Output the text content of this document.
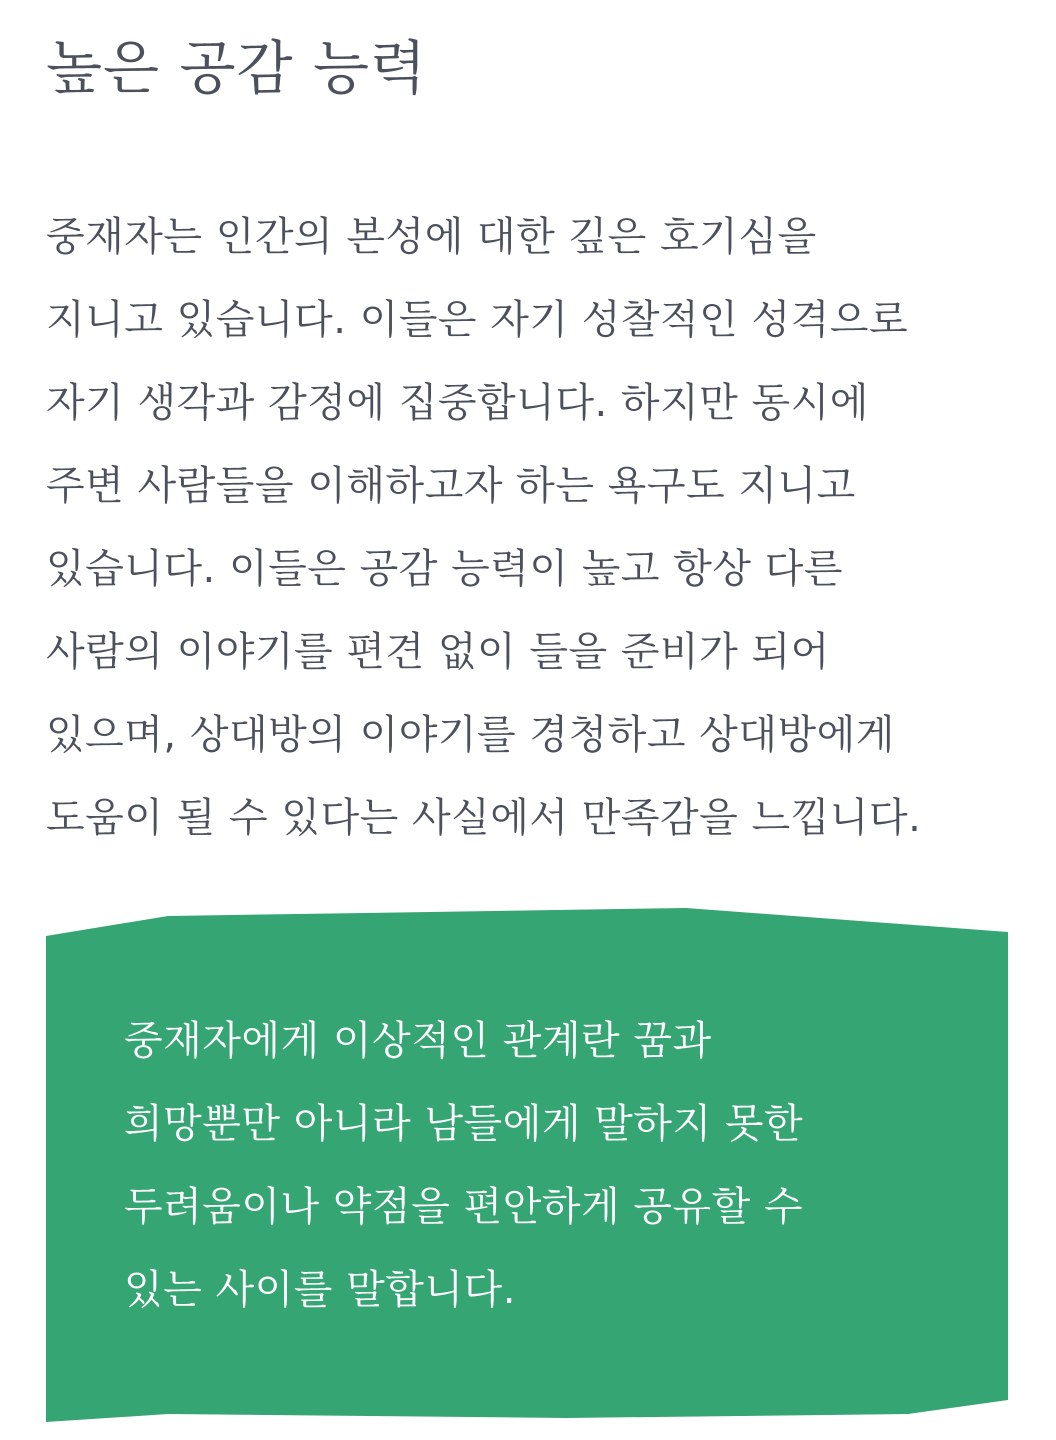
높은 공감 능력

중재자는 인간의 본성에 대한 깊은 호기심을
지니고 있습니다. 이들은 자기 성찰적인 성격으로
자기 생각과 감정에 집중합니다. 하지만 동시에
주변 사람들을 이해하고자 하는 욕구도 지니고
있습니다. 이들은 공감 능력이 높고 항상 다른
사람의 이야기를 편견 없이 들을 준비가 되어
있으며, 상대방의 이야기를 경청하고 상대방에게
도움이 될 수 있다는 사실에서 만족감을 느낍니다.

중재자에게 이상적인 관계란 꿈과
희망뿐만 아니라 남들에게 말하지 못한
두려움이나 약점을 편안하게 공유할 수
있는 사이를 말합니다.
